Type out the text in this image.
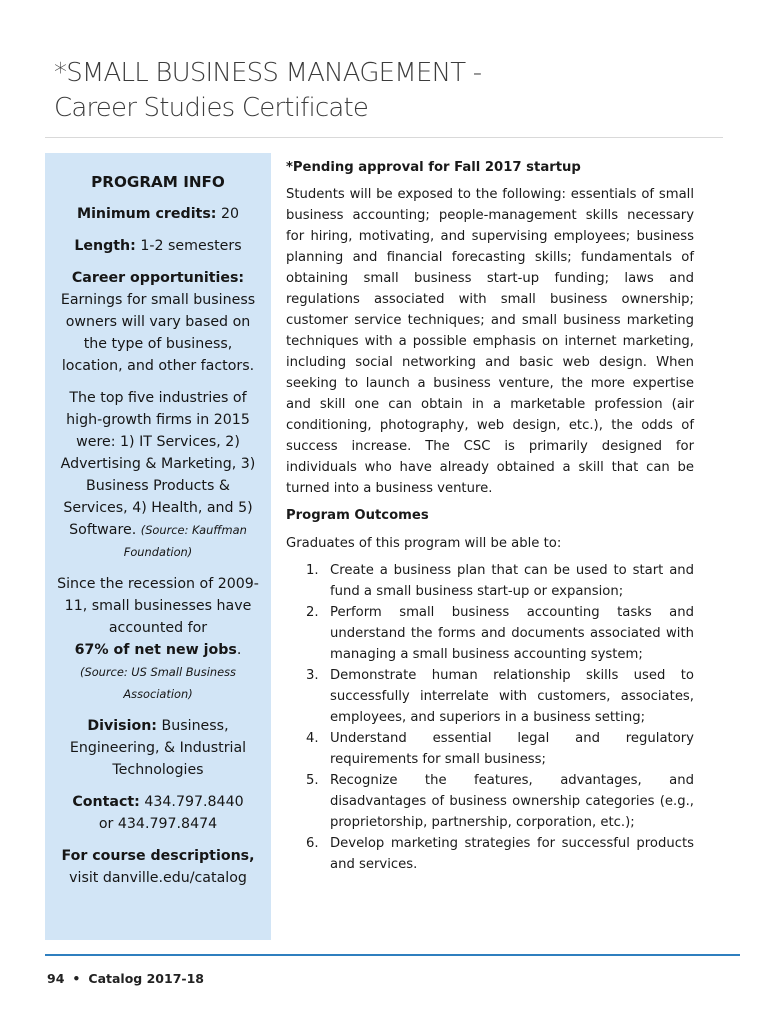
*SMALL BUSINESS MANAGEMENT -
Career Studies Certificate
PROGRAM INFO
Minimum credits: 20
Length: 1-2 semesters
Career opportunities:
Earnings for small business owners will vary based on the type of business, location, and other factors.
The top five industries of high-growth firms in 2015 were: 1) IT Services, 2) Advertising & Marketing, 3) Business Products & Services, 4) Health, and 5) Software. (Source: Kauffman Foundation)
Since the recession of 2009-11, small businesses have accounted for
67% of net new jobs.
(Source: US Small Business Association)
Division: Business, Engineering, & Industrial Technologies
Contact: 434.797.8440
or 434.797.8474
For course descriptions,
visit danville.edu/catalog
*Pending approval for Fall 2017 startup

Students will be exposed to the following: essentials of small business accounting; people-management skills necessary for hiring, motivating, and supervising employees; business planning and financial forecasting skills; fundamentals of obtaining small business start-up funding; laws and regulations associated with small business ownership; customer service techniques; and small business marketing techniques with a possible emphasis on internet marketing, including social networking and basic web design. When seeking to launch a business venture, the more expertise and skill one can obtain in a marketable profession (air conditioning, photography, web design, etc.), the odds of success increase. The CSC is primarily designed for individuals who have already obtained a skill that can be turned into a business venture.

Program Outcomes

Graduates of this program will be able to:

1. Create a business plan that can be used to start and fund a small business start-up or expansion;
2. Perform small business accounting tasks and understand the forms and documents associated with managing a small business accounting system;
3. Demonstrate human relationship skills used to successfully interrelate with customers, associates, employees, and superiors in a business setting;
4. Understand essential legal and regulatory requirements for small business;
5. Recognize the features, advantages, and disadvantages of business ownership categories (e.g., proprietorship, partnership, corporation, etc.);
6. Develop marketing strategies for successful products and services.
94 • Catalog 2017-18
